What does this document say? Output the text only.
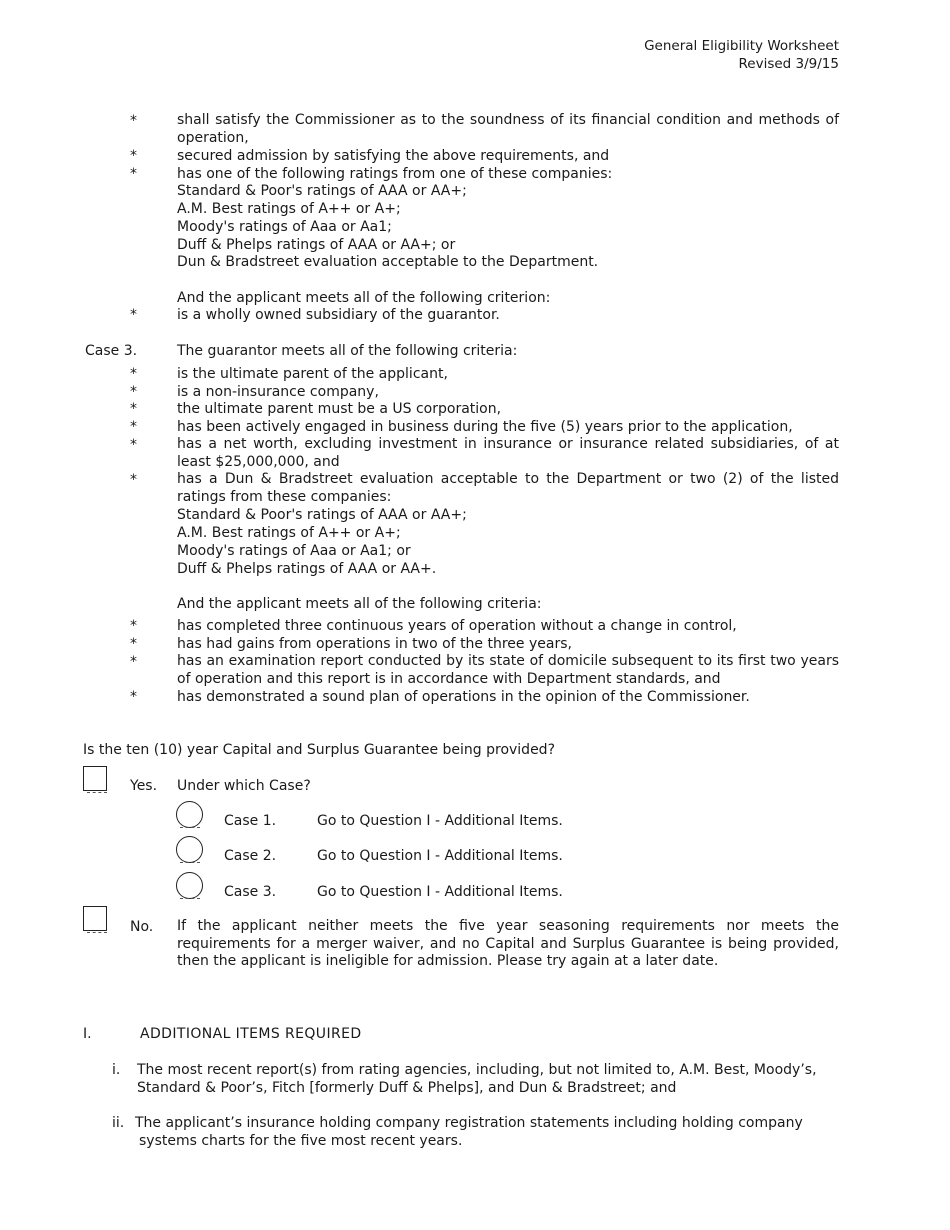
General Eligibility Worksheet
Revised 3/9/15
*	shall satisfy the Commissioner as to the soundness of its financial condition and methods of operation,
*	secured admission by satisfying the above requirements, and
*	has one of the following ratings from one of these companies:
Standard & Poor's ratings of AAA or AA+;
A.M. Best ratings of A++ or A+;
Moody's ratings of Aaa or Aa1;
Duff & Phelps ratings of AAA or AA+; or
Dun & Bradstreet evaluation acceptable to the Department.
And the applicant meets all of the following criterion:
*	is a wholly owned subsidiary of the guarantor.
Case 3.	The guarantor meets all of the following criteria:
*	is the ultimate parent of the applicant,
*	is a non-insurance company,
*	the ultimate parent must be a US corporation,
*	has been actively engaged in business during the five (5) years prior to the application,
*	has a net worth, excluding investment in insurance or insurance related subsidiaries, of at least $25,000,000, and
*	has a Dun & Bradstreet evaluation acceptable to the Department or two (2) of the listed ratings from these companies:
Standard & Poor's ratings of AAA or AA+;
A.M. Best ratings of A++ or A+;
Moody's ratings of Aaa or Aa1; or
Duff & Phelps ratings of AAA or AA+.
And the applicant meets all of the following criteria:
*	has completed three continuous years of operation without a change in control,
*	has had gains from operations in two of the three years,
*	has an examination report conducted by its state of domicile subsequent to its first two years of operation and this report is in accordance with Department standards, and
*	has demonstrated a sound plan of operations in the opinion of the Commissioner.
Is the ten (10) year Capital and Surplus Guarantee being provided?
Yes. Under which Case?
Case 1.	Go to Question I - Additional Items.
Case 2.	Go to Question I - Additional Items.
Case 3.	Go to Question I - Additional Items.
No. If the applicant neither meets the five year seasoning requirements nor meets the requirements for a merger waiver, and no Capital and Surplus Guarantee is being provided, then the applicant is ineligible for admission. Please try again at a later date.
I.	ADDITIONAL ITEMS REQUIRED
i. The most recent report(s) from rating agencies, including, but not limited to, A.M. Best, Moody’s,
Standard & Poor’s, Fitch [formerly Duff & Phelps], and Dun & Bradstreet; and
ii. The applicant’s insurance holding company registration statements including holding company
systems charts for the five most recent years.
